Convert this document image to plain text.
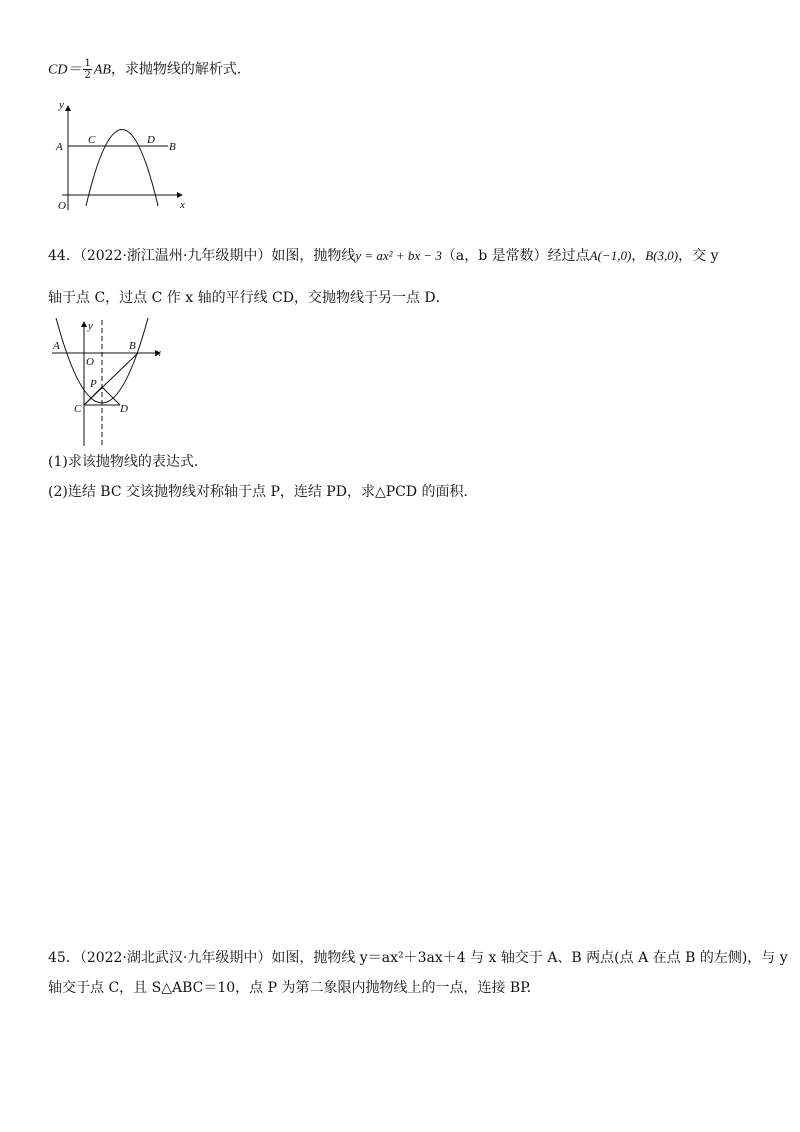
$CD= \frac{1}{2}$ AB，求抛物线的解析式．
y
A
C	D
B
O	x
44．（2022·浙江温州·九年级期中）如图，抛物线y = ax² + bx − 3（a，b 是常数）经过点A(−1,0)，B(3,0)，交 y
轴于点 C，过点 C 作 x 轴的平行线 CD，交抛物线于另一点 D．
y
A
O
B
x
P
C	D
(1)求该抛物线的表达式．
(2)连结 BC 交该抛物线对称轴于点 P，连结 PD，求△PCD 的面积．
45．（2022·湖北武汉·九年级期中）如图，抛物线 y＝ax²＋3ax＋4 与 x 轴交于 A、B 两点(点 A 在点 B 的左侧)，与 y
轴交于点 C，且 S△ABC＝10，点 P 为第二象限内抛物线上的一点，连接 BP.
